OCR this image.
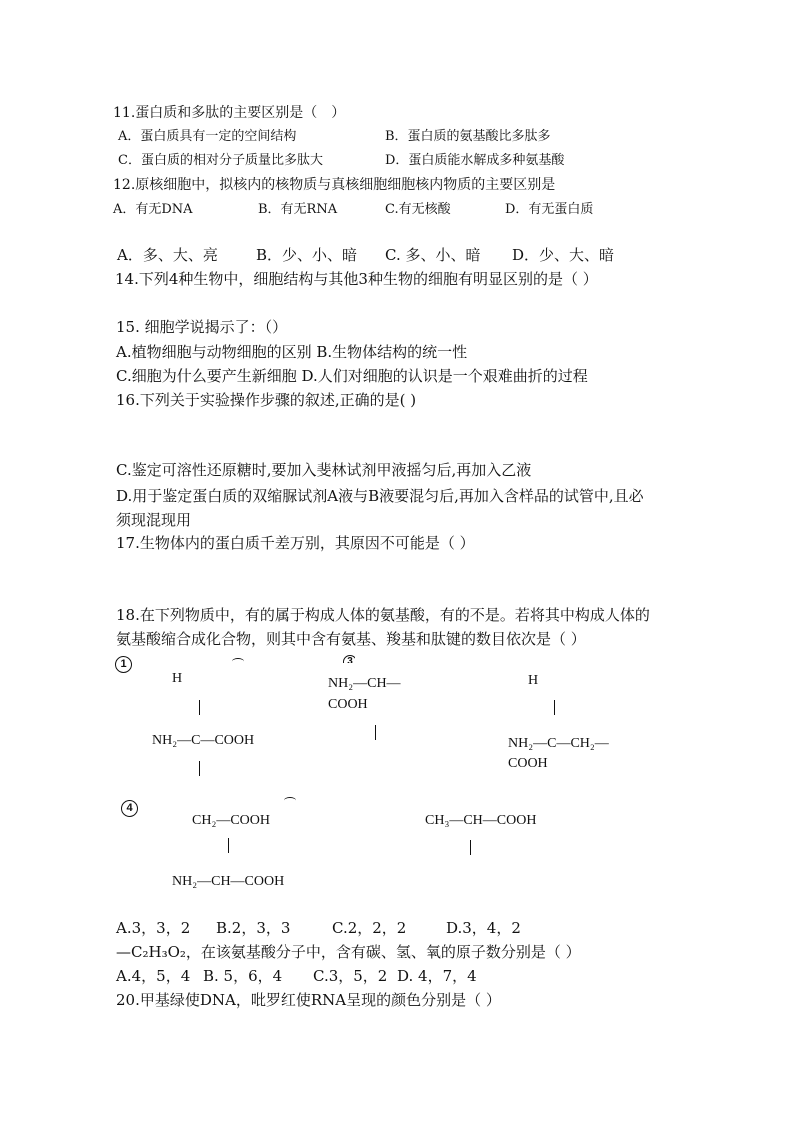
11.蛋白质和多肽的主要区别是（　）
A．蛋白质具有一定的空间结构	B．蛋白质的氨基酸比多肽多
C．蛋白质的相对分子质量比多肽大	D．蛋白质能水解成多种氨基酸
12.原核细胞中，拟核内的核物质与真核细胞细胞核内物质的主要区别是
A．有无DNA	B．有无RNA	C.有无核酸	D．有无蛋白质
A．多、大、亮	B．少、小、暗 C. 多、小、暗 D．少、大、暗
14.下列4种生物中，细胞结构与其他3种生物的细胞有明显区别的是（ ）
15. 细胞学说揭示了：（）
A.植物细胞与动物细胞的区别 B.生物体结构的统一性
C.细胞为什么要产生新细胞 D.人们对细胞的认识是一个艰难曲折的过程
16.下列关于实验操作步骤的叙述,正确的是( )
C.鉴定可溶性还原糖时,要加入斐林试剂甲液摇匀后,再加入乙液
D.用于鉴定蛋白质的双缩脲试剂A液与B液要混匀后,再加入含样品的试管中,且必
须现混现用
17.生物体内的蛋白质千差万别，其原因不可能是（ ）
18.在下列物质中，有的属于构成人体的氨基酸，有的不是。若将其中构成人体的
氨基酸缩合成化合物，则其中含有氨基、羧基和肽键的数目依次是（ ）
1	3
4
H
NH₂—C—COOH
NH₂—CH—
COOH
H
NH₂—C—CH₂—
COOH
CH₂—COOH
NH₂—CH—COOH
CH₃—CH—COOH
A.3，3，2 B.2，3，3	C.2，2，2	D.3，4，2
—C₂H₃O₂，在该氨基酸分子中，含有碳、氢、氧的原子数分别是（ ）
A.4，5，4 B. 5，6，4 C.3，5，2 D. 4，7，4
20.甲基绿使DNA，吡罗红使RNA呈现的颜色分别是（ ）
